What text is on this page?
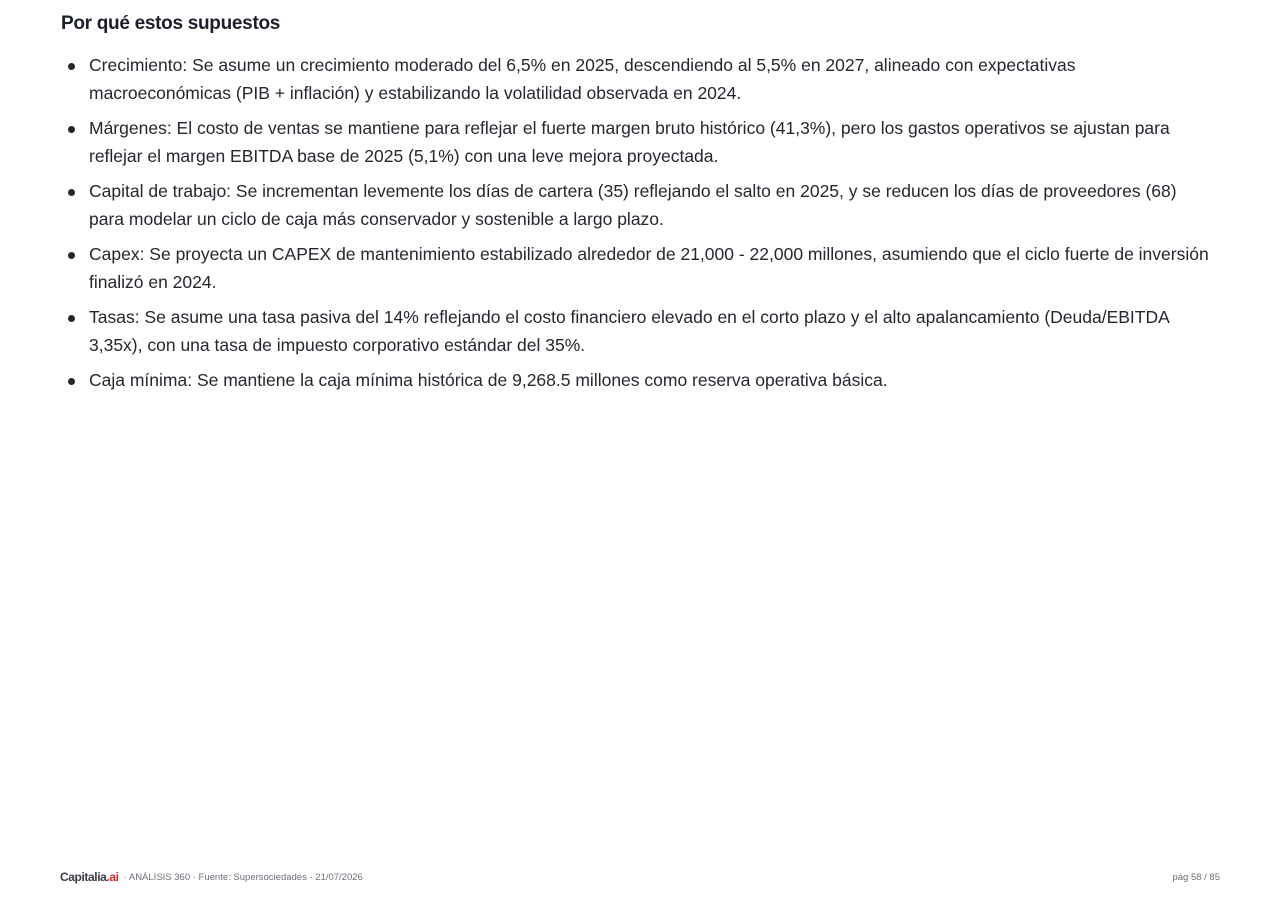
Por qué estos supuestos
Crecimiento: Se asume un crecimiento moderado del 6,5% en 2025, descendiendo al 5,5% en 2027, alineado con expectativas macroeconómicas (PIB + inflación) y estabilizando la volatilidad observada en 2024.
Márgenes: El costo de ventas se mantiene para reflejar el fuerte margen bruto histórico (41,3%), pero los gastos operativos se ajustan para reflejar el margen EBITDA base de 2025 (5,1%) con una leve mejora proyectada.
Capital de trabajo: Se incrementan levemente los días de cartera (35) reflejando el salto en 2025, y se reducen los días de proveedores (68) para modelar un ciclo de caja más conservador y sostenible a largo plazo.
Capex: Se proyecta un CAPEX de mantenimiento estabilizado alrededor de 21,000 - 22,000 millones, asumiendo que el ciclo fuerte de inversión finalizó en 2024.
Tasas: Se asume una tasa pasiva del 14% reflejando el costo financiero elevado en el corto plazo y el alto apalancamiento (Deuda/EBITDA 3,35x), con una tasa de impuesto corporativo estándar del 35%.
Caja mínima: Se mantiene la caja mínima histórica de 9,268.5 millones como reserva operativa básica.
Capitalia.ai · ANÁLISIS 360 · Fuente: Supersociedades · 21/07/2026	pág 58 / 85
